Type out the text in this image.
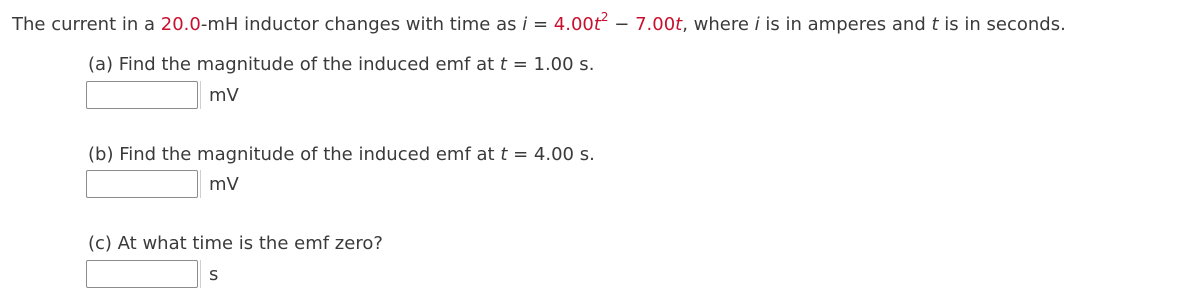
The current in a 20.0-mH inductor changes with time as $i = 4.00t^2 - 7.00t$, where i is in amperes and t is in seconds.
(a) Find the magnitude of the induced emf at t = 1.00 s.
mV
(b) Find the magnitude of the induced emf at t = 4.00 s.
mV
(c) At what time is the emf zero?
s
